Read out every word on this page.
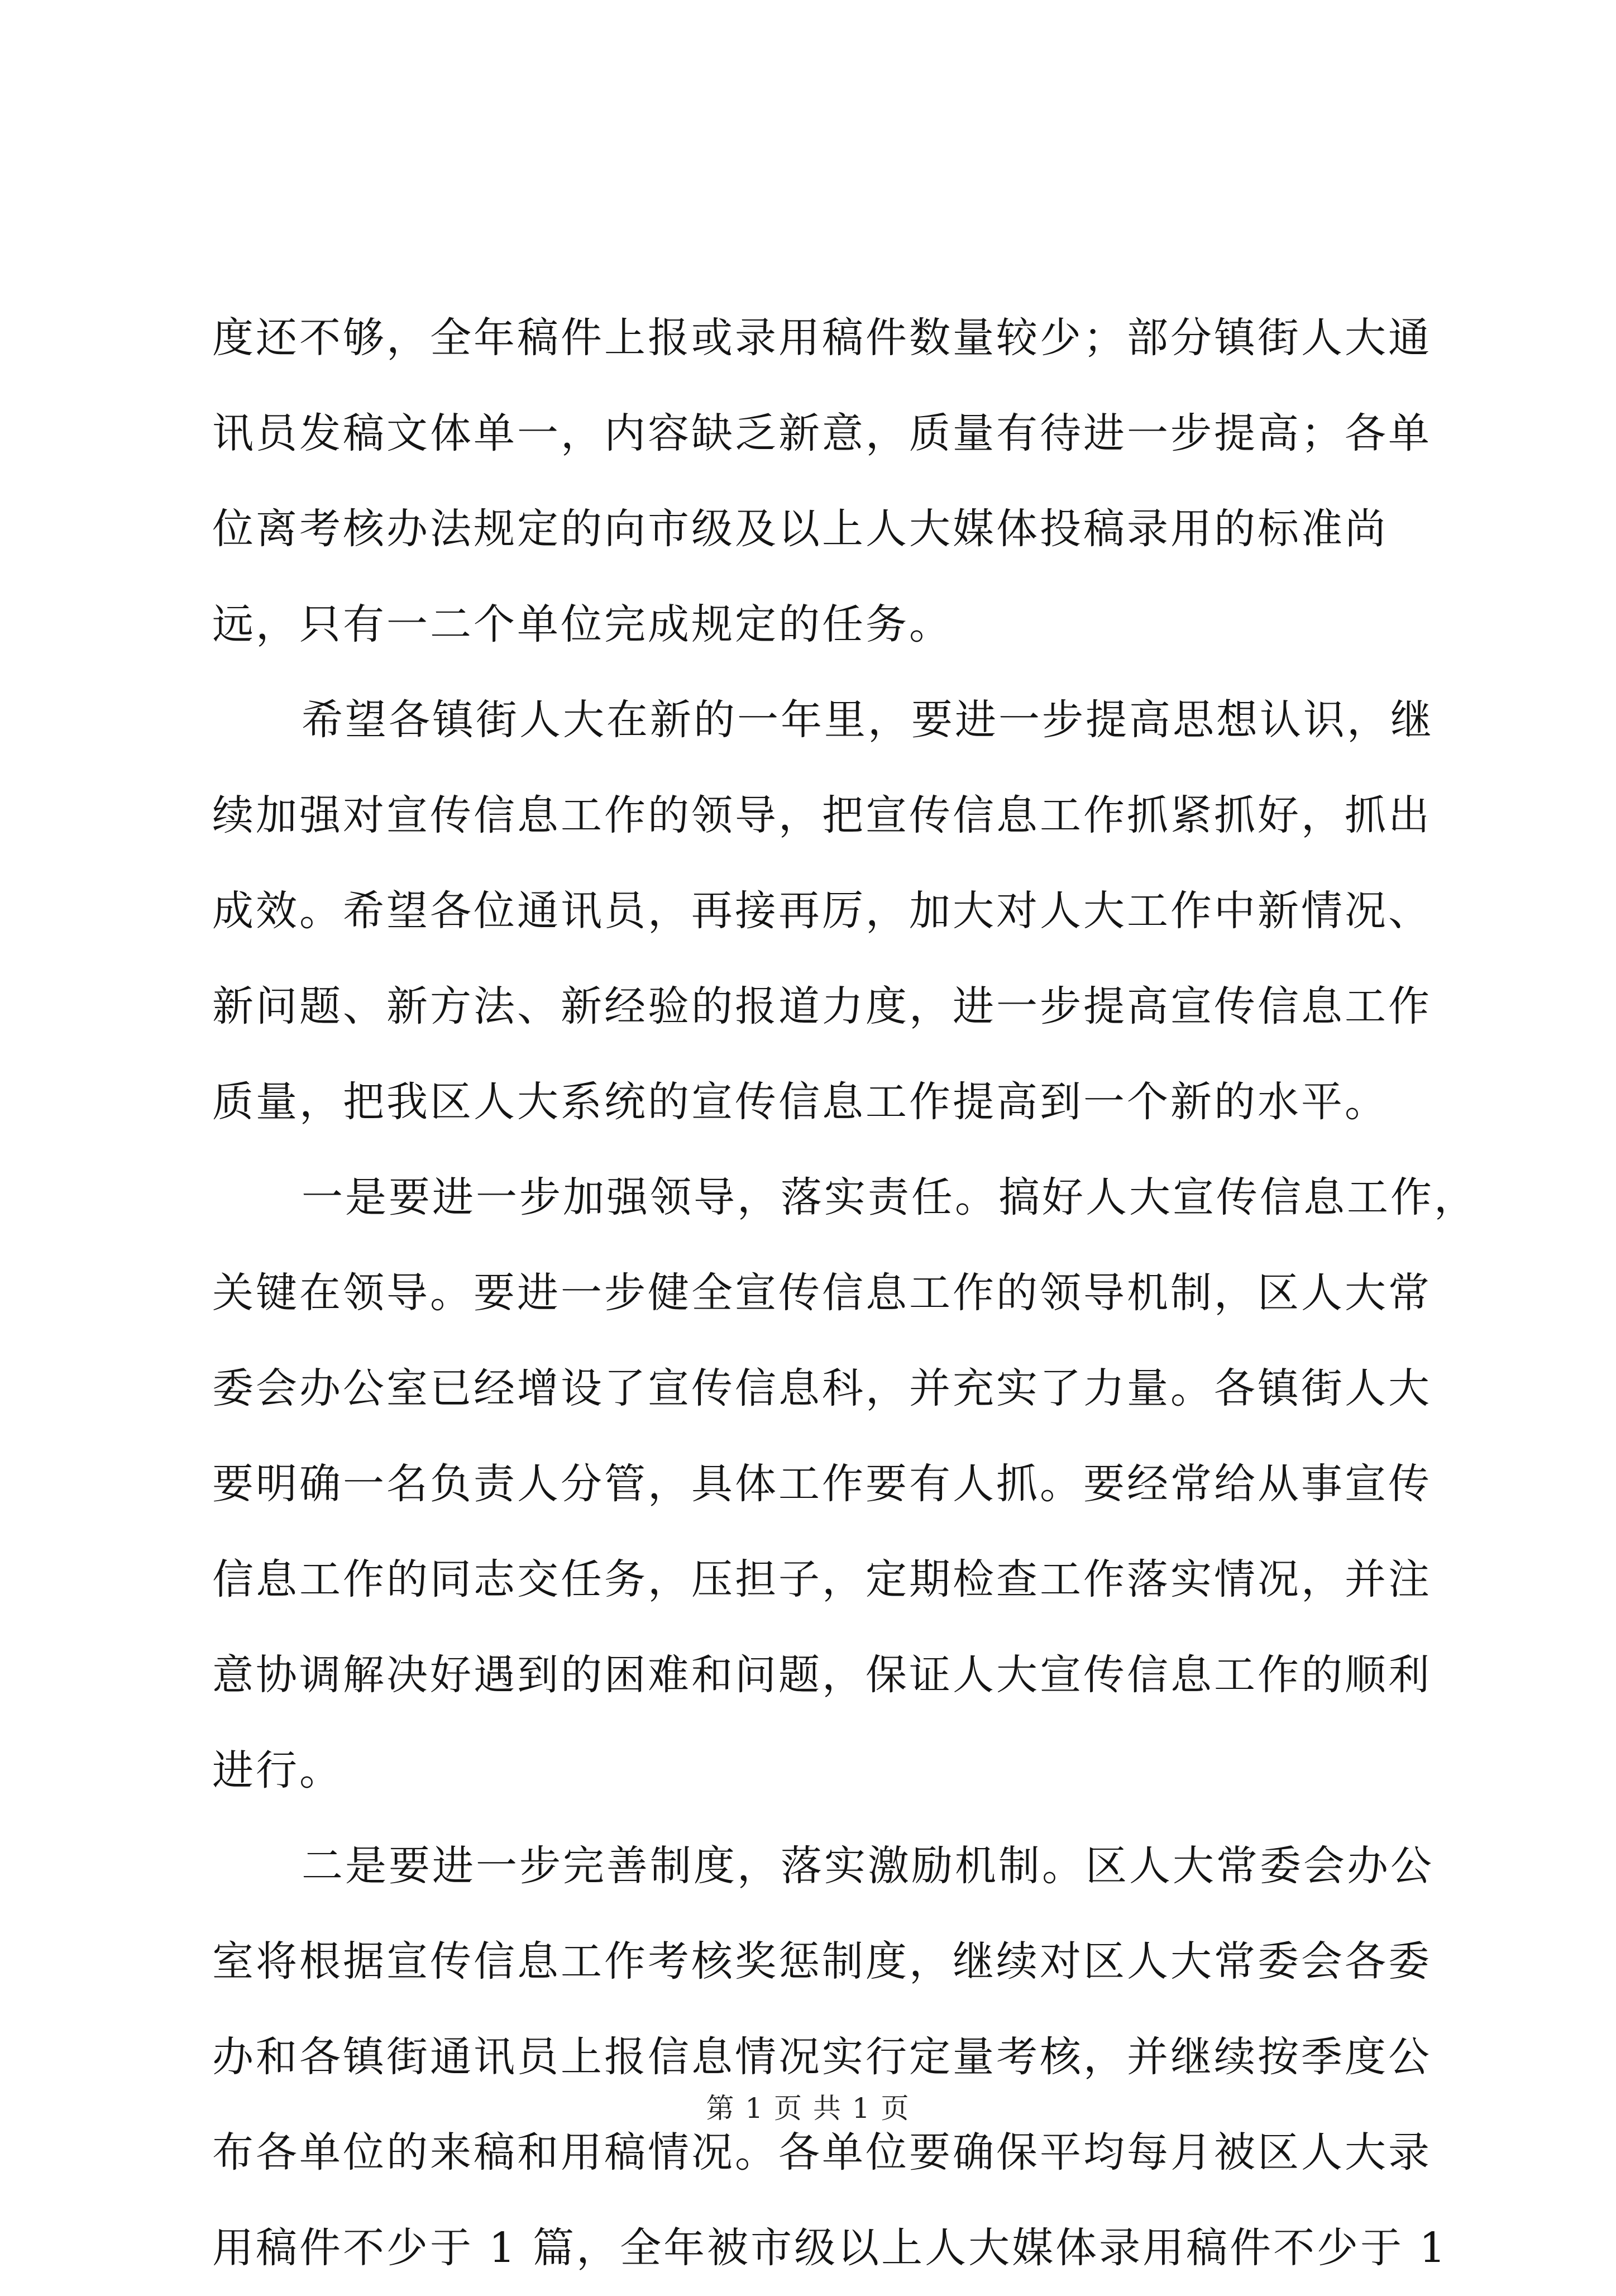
度还不够，全年稿件上报或录用稿件数量较少；部分镇街人大通
讯员发稿文体单一，内容缺乏新意，质量有待进一步提高；各单
位离考核办法规定的向市级及以上人大媒体投稿录用的标准尚
远，只有一二个单位完成规定的任务。
希望各镇街人大在新的一年里，要进一步提高思想认识，继
续加强对宣传信息工作的领导，把宣传信息工作抓紧抓好，抓出
成效。希望各位通讯员，再接再厉，加大对人大工作中新情况、
新问题、新方法、新经验的报道力度，进一步提高宣传信息工作
质量，把我区人大系统的宣传信息工作提高到一个新的水平。
一是要进一步加强领导，落实责任。搞好人大宣传信息工作，
关键在领导。要进一步健全宣传信息工作的领导机制，区人大常
委会办公室已经增设了宣传信息科，并充实了力量。各镇街人大
要明确一名负责人分管，具体工作要有人抓。要经常给从事宣传
信息工作的同志交任务，压担子，定期检查工作落实情况，并注
意协调解决好遇到的困难和问题，保证人大宣传信息工作的顺利
进行。
二是要进一步完善制度，落实激励机制。区人大常委会办公
室将根据宣传信息工作考核奖惩制度，继续对区人大常委会各委
办和各镇街通讯员上报信息情况实行定量考核，并继续按季度公
布各单位的来稿和用稿情况。各单位要确保平均每月被区人大录
用稿件不少于 1 篇，全年被市级以上人大媒体录用稿件不少于 1
第 1 页 共 1 页
